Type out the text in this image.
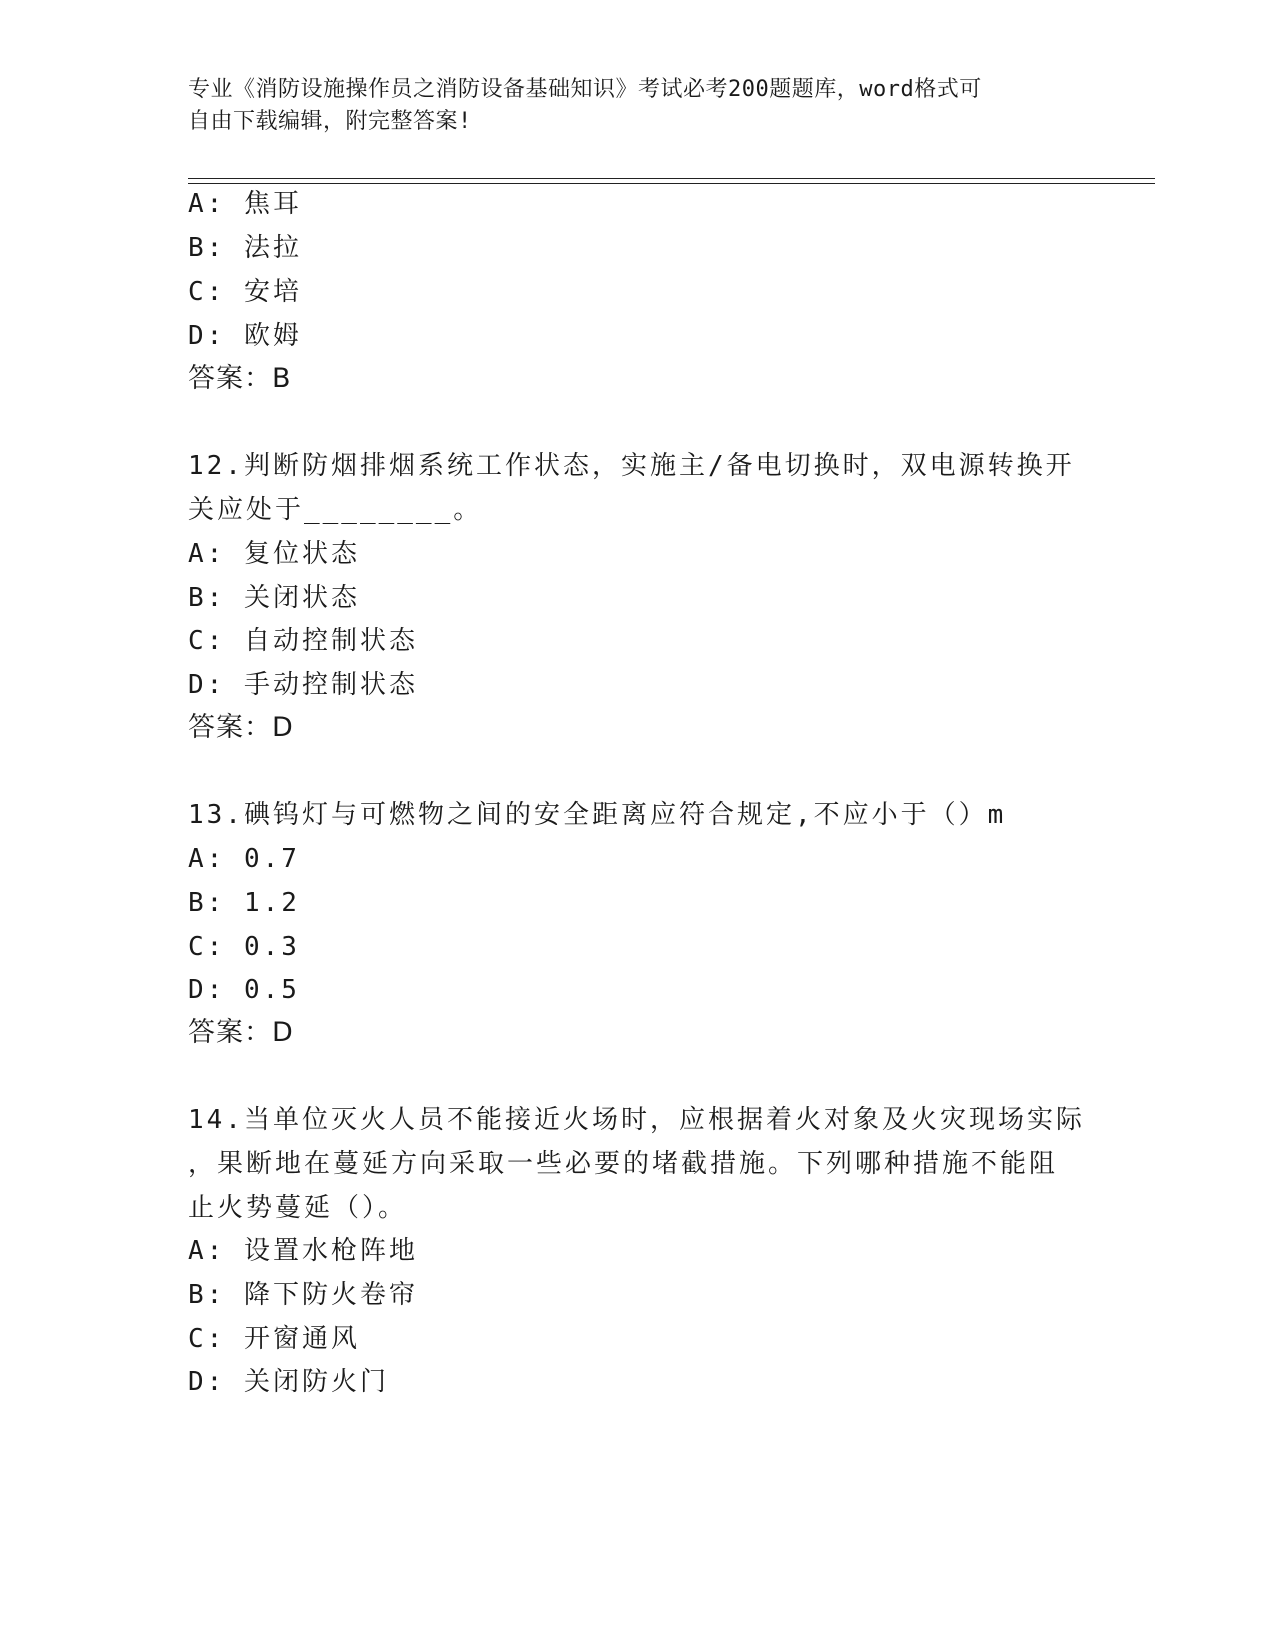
专业《消防设施操作员之消防设备基础知识》考试必考200题题库，word格式可
自由下载编辑，附完整答案!
A: 焦耳
B: 法拉
C: 安培
D: 欧姆
答案：B
12.判断防烟排烟系统工作状态，实施主/备电切换时，双电源转换开
关应处于________。
A: 复位状态
B: 关闭状态
C: 自动控制状态
D: 手动控制状态
答案：D
13.碘钨灯与可燃物之间的安全距离应符合规定,不应小于（）m
A: 0.7
B: 1.2
C: 0.3
D: 0.5
答案：D
14.当单位灭火人员不能接近火场时，应根据着火对象及火灾现场实际
，果断地在蔓延方向采取一些必要的堵截措施。下列哪种措施不能阻
止火势蔓延（）。
A: 设置水枪阵地
B: 降下防火卷帘
C: 开窗通风
D: 关闭防火门
